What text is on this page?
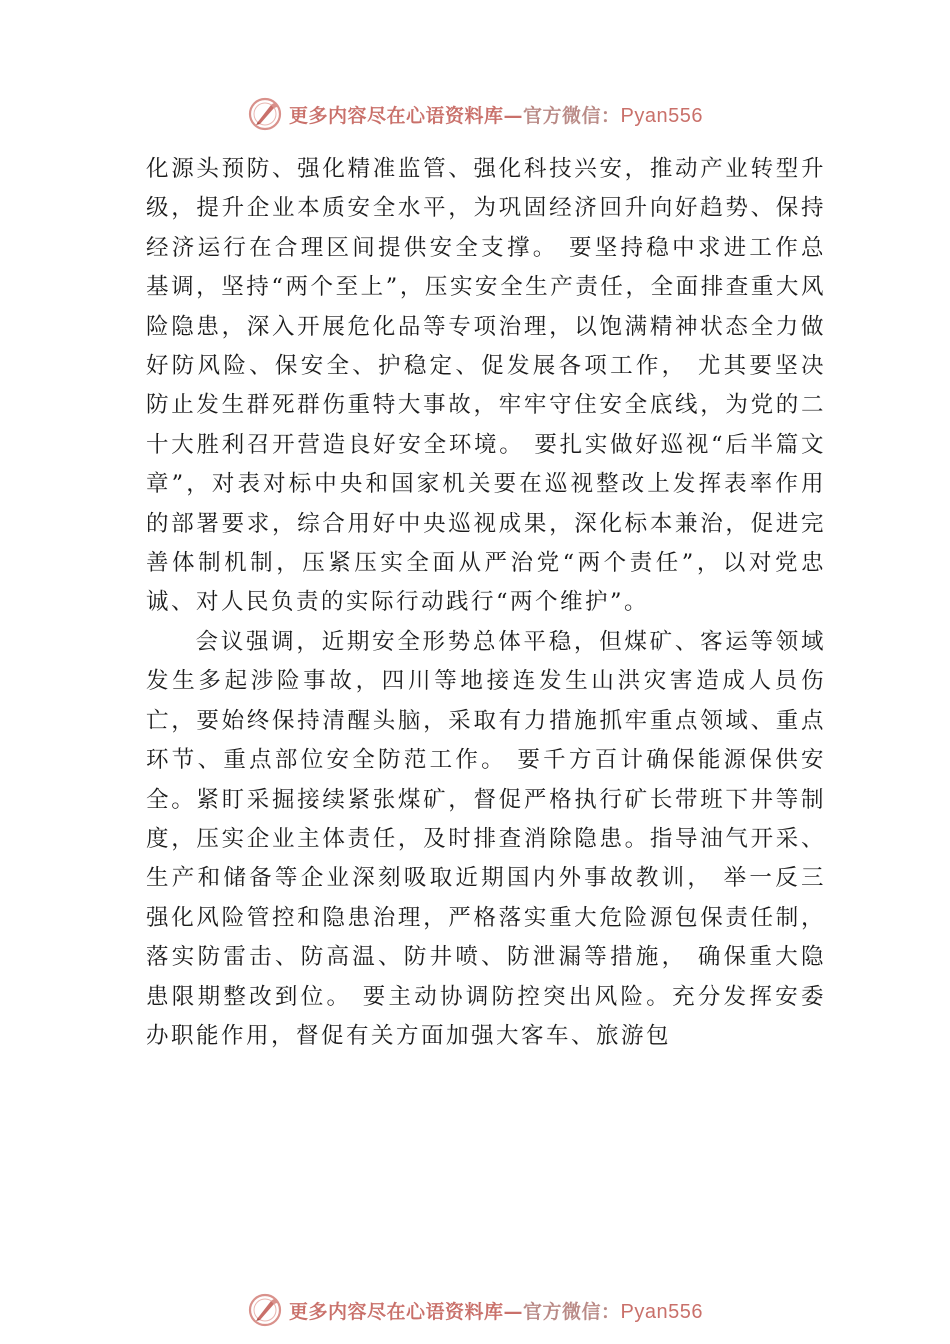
更多内容尽在心语资料库—官方微信：Pyan556

化源头预防、强化精准监管、强化科技兴安，推动产业转型升级，提升企业本质安全水平，为巩固经济回升向好趋势、保持经济运行在合理区间提供安全支撑。 要坚持稳中求进工作总基调，坚持“两个至上”，压实安全生产责任，全面排查重大风险隐患，深入开展危化品等专项治理，以饱满精神状态全力做好防风险、保安全、护稳定、促发展各项工作， 尤其要坚决防止发生群死群伤重特大事故，牢牢守住安全底线，为党的二十大胜利召开营造良好安全环境。 要扎实做好巡视“后半篇文章”，对表对标中央和国家机关要在巡视整改上发挥表率作用的部署要求，综合用好中央巡视成果，深化标本兼治，促进完善体制机制，压紧压实全面从严治党“两个责任”，以对党忠诚、对人民负责的实际行动践行“两个维护”。

会议强调，近期安全形势总体平稳，但煤矿、客运等领域发生多起涉险事故，四川等地接连发生山洪灾害造成人员伤亡，要始终保持清醒头脑，采取有力措施抓牢重点领域、重点环节、重点部位安全防范工作。 要千方百计确保能源保供安全。紧盯采掘接续紧张煤矿，督促严格执行矿长带班下井等制度，压实企业主体责任，及时排查消除隐患。指导油气开采、生产和储备等企业深刻吸取近期国内外事故教训， 举一反三强化风险管控和隐患治理，严格落实重大危险源包保责任制，落实防雷击、防高温、防井喷、防泄漏等措施， 确保重大隐患限期整改到位。 要主动协调防控突出风险。充分发挥安委办职能作用，督促有关方面加强大客车、旅游包

更多内容尽在心语资料库—官方微信：Pyan556
